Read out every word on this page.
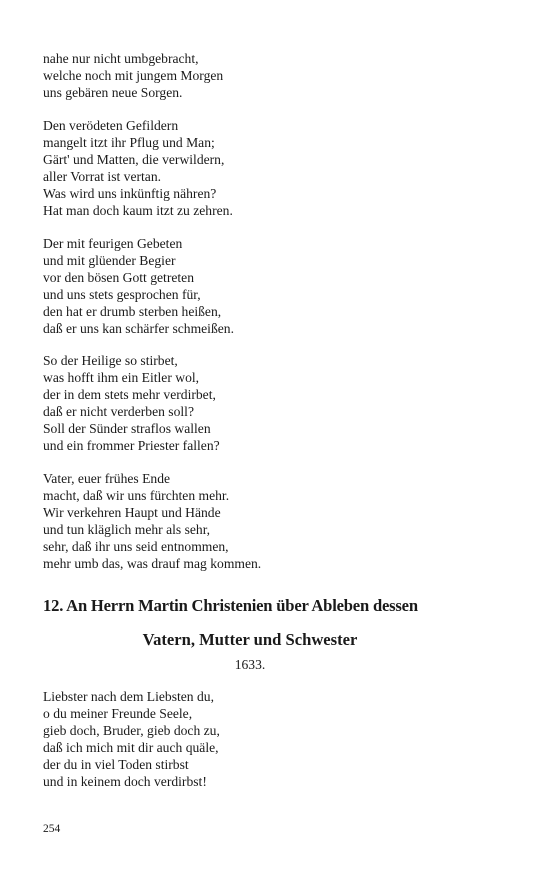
nahe nur nicht umbgebracht,
welche noch mit jungem Morgen
uns gebären neue Sorgen.
Den verödeten Gefildern
mangelt itzt ihr Pflug und Man;
Gärt' und Matten, die verwildern,
aller Vorrat ist vertan.
Was wird uns inkünftig nähren?
Hat man doch kaum itzt zu zehren.
Der mit feurigen Gebeten
und mit glüender Begier
vor den bösen Gott getreten
und uns stets gesprochen für,
den hat er drumb sterben heißen,
daß er uns kan schärfer schmeißen.
So der Heilige so stirbet,
was hofft ihm ein Eitler wol,
der in dem stets mehr verdirbet,
daß er nicht verderben soll?
Soll der Sünder straflos wallen
und ein frommer Priester fallen?
Vater, euer frühes Ende
macht, daß wir uns fürchten mehr.
Wir verkehren Haupt und Hände
und tun kläglich mehr als sehr,
sehr, daß ihr uns seid entnommen,
mehr umb das, was drauf mag kommen.
12. An Herrn Martin Christenien über Ableben dessen
Vatern, Mutter und Schwester
1633.
Liebster nach dem Liebsten du,
o du meiner Freunde Seele,
gieb doch, Bruder, gieb doch zu,
daß ich mich mit dir auch quäle,
der du in viel Toden stirbst
und in keinem doch verdirbst!
254
